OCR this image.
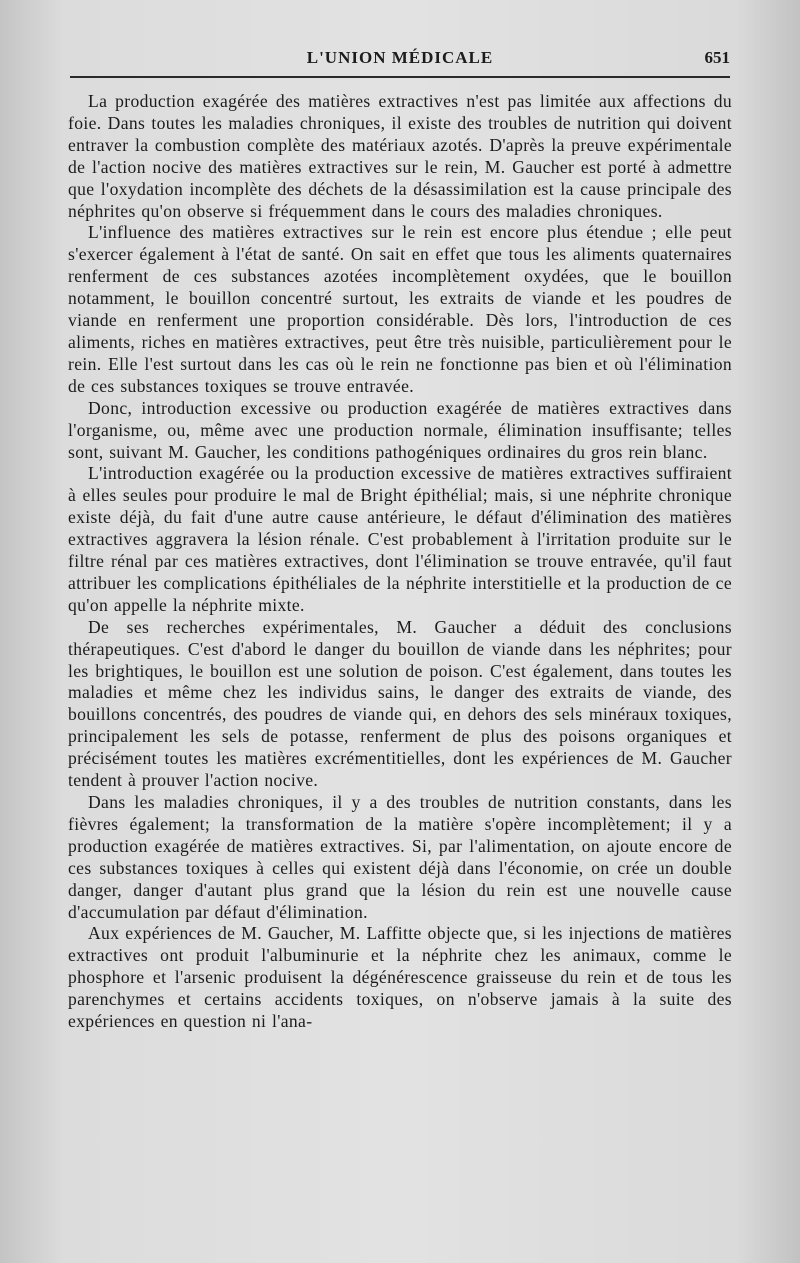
L'UNION MÉDICALE	651

La production exagérée des matières extractives n'est pas limitée aux affections du foie. Dans toutes les maladies chroniques, il existe des troubles de nutrition qui doivent entraver la combustion complète des matériaux azotés. D'après la preuve expérimentale de l'action nocive des matières extractives sur le rein, M. Gaucher est porté à admettre que l'oxydation incomplète des déchets de la désassimilation est la cause principale des néphrites qu'on observe si fréquemment dans le cours des maladies chroniques.

L'influence des matières extractives sur le rein est encore plus étendue ; elle peut s'exercer également à l'état de santé. On sait en effet que tous les aliments quaternaires renferment de ces substances azotées incomplètement oxydées, que le bouillon notamment, le bouillon concentré surtout, les extraits de viande et les poudres de viande en renferment une proportion considérable. Dès lors, l'introduction de ces aliments, riches en matières extractives, peut être très nuisible, particulièrement pour le rein. Elle l'est surtout dans les cas où le rein ne fonctionne pas bien et où l'élimination de ces substances toxiques se trouve entravée.

Donc, introduction excessive ou production exagérée de matières extractives dans l'organisme, ou, même avec une production normale, élimination insuffisante; telles sont, suivant M. Gaucher, les conditions pathogéniques ordinaires du gros rein blanc.

L'introduction exagérée ou la production excessive de matières extractives suffiraient à elles seules pour produire le mal de Bright épithélial; mais, si une néphrite chronique existe déjà, du fait d'une autre cause antérieure, le défaut d'élimination des matières extractives aggravera la lésion rénale. C'est probablement à l'irritation produite sur le filtre rénal par ces matières extractives, dont l'élimination se trouve entravée, qu'il faut attribuer les complications épithéliales de la néphrite interstitielle et la production de ce qu'on appelle la néphrite mixte.

De ses recherches expérimentales, M. Gaucher a déduit des conclusions thérapeutiques. C'est d'abord le danger du bouillon de viande dans les néphrites; pour les brightiques, le bouillon est une solution de poison. C'est également, dans toutes les maladies et même chez les individus sains, le danger des extraits de viande, des bouillons concentrés, des poudres de viande qui, en dehors des sels minéraux toxiques, principalement les sels de potasse, renferment de plus des poisons organiques et précisément toutes les matières excrémentitielles, dont les expériences de M. Gaucher tendent à prouver l'action nocive.

Dans les maladies chroniques, il y a des troubles de nutrition constants, dans les fièvres également; la transformation de la matière s'opère incomplètement; il y a production exagérée de matières extractives. Si, par l'alimentation, on ajoute encore de ces substances toxiques à celles qui existent déjà dans l'économie, on crée un double danger, danger d'autant plus grand que la lésion du rein est une nouvelle cause d'accumulation par défaut d'élimination.

Aux expériences de M. Gaucher, M. Laffitte objecte que, si les injections de matières extractives ont produit l'albuminurie et la néphrite chez les animaux, comme le phosphore et l'arsenic produisent la dégénérescence graisseuse du rein et de tous les parenchymes et certains accidents toxiques, on n'observe jamais à la suite des expériences en question ni l'ana-
